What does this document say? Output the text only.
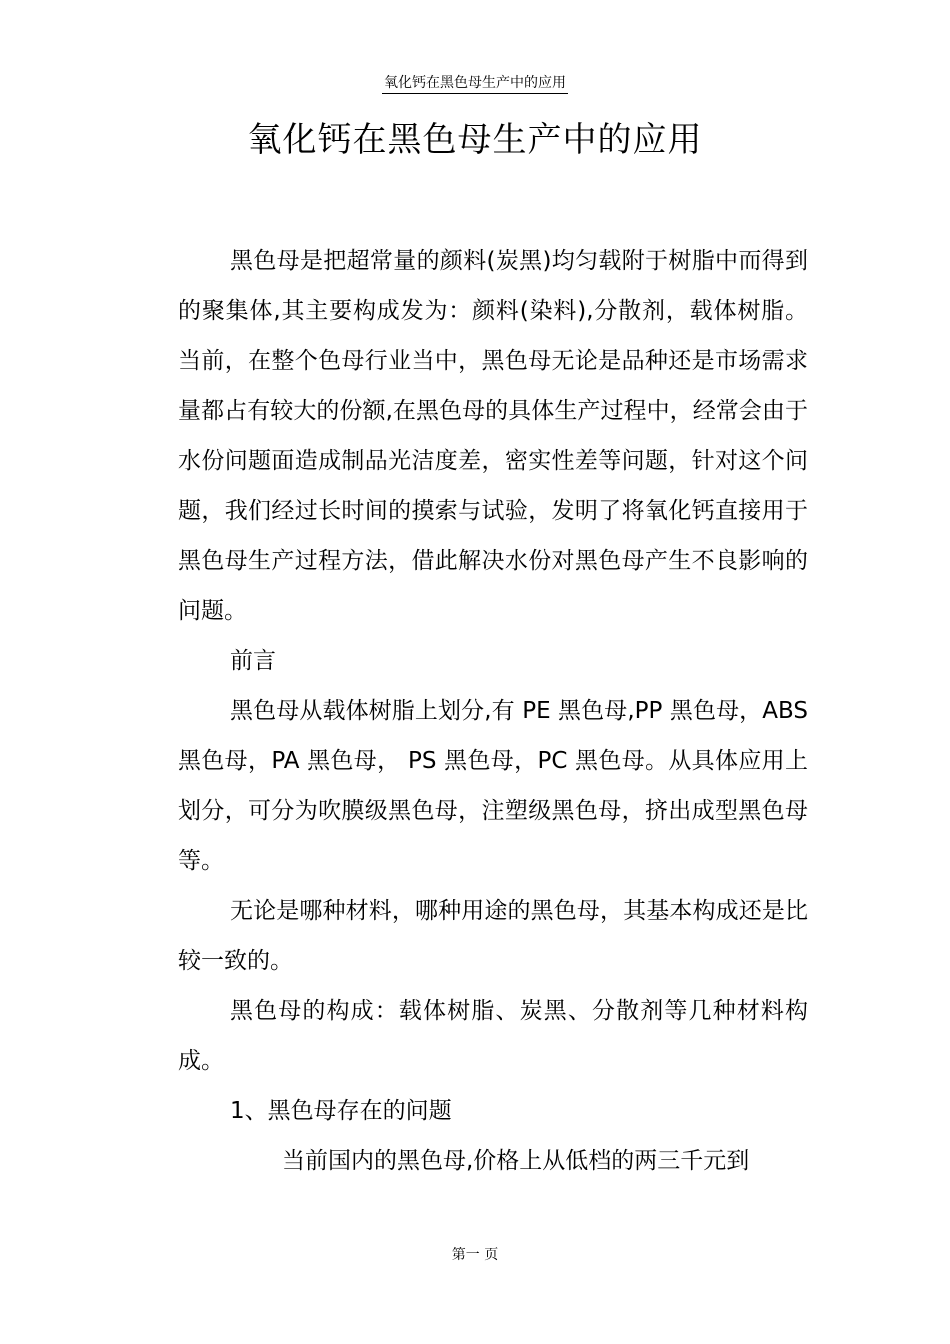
氧化钙在黑色母生产中的应用
氧化钙在黑色母生产中的应用

黑色母是把超常量的颜料(炭黑)均匀载附于树脂中而得到的聚集体,其主要构成发为：颜料(染料),分散剂，载体树脂。当前，在整个色母行业当中，黑色母无论是品种还是市场需求量都占有较大的份额,在黑色母的具体生产过程中，经常会由于水份问题面造成制品光洁度差，密实性差等问题，针对这个问题，我们经过长时间的摸索与试验，发明了将氧化钙直接用于黑色母生产过程方法，借此解决水份对黑色母产生不良影响的问题。

前言

黑色母从载体树脂上划分,有 PE 黑色母,PP 黑色母，ABS 黑色母，PA 黑色母， PS 黑色母，PC 黑色母。从具体应用上划分，可分为吹膜级黑色母，注塑级黑色母，挤出成型黑色母等。

无论是哪种材料，哪种用途的黑色母，其基本构成还是比较一致的。

黑色母的构成：载体树脂、炭黑、分散剂等几种材料构成。

1、黑色母存在的问题

当前国内的黑色母,价格上从低档的两三千元到

第一 页
